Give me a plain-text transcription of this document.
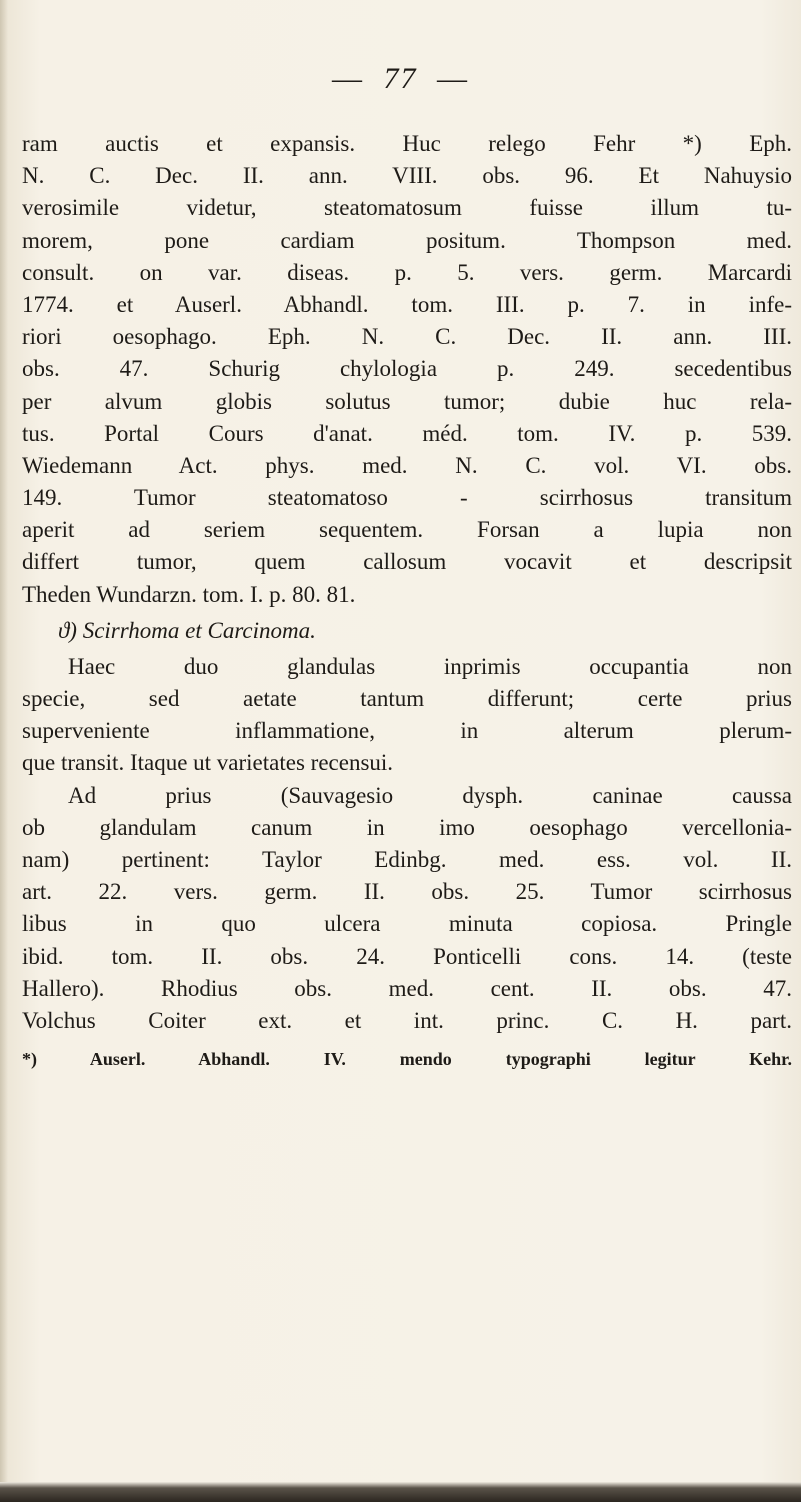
— 77 —
ram auctis et expansis. Huc relego Fehr *) Eph.
N. C. Dec. II. ann. VIII. obs. 96. Et Nahuysio
verosimile videtur, steatomatosum fuisse illum tu-
morem, pone cardiam positum. Thompson med.
consult. on var. diseas. p. 5. vers. germ. Marcardi
1774. et Auserl. Abhandl. tom. III. p. 7. in infe-
riori oesophago. Eph. N. C. Dec. II. ann. III.
obs. 47. Schurig chylologia p. 249. secedentibus
per alvum globis solutus tumor; dubie huc rela-
tus. Portal Cours d'anat. méd. tom. IV. p. 539.
Wiedemann Act. phys. med. N. C. vol. VI. obs.
149. Tumor steatomatoso - scirrhosus transitum
aperit ad seriem sequentem. Forsan a lupia non
differt tumor, quem callosum vocavit et descripsit
Theden Wundarzn. tom. I. p. 80. 81.
ϑ) Scirrhoma et Carcinoma.
Haec duo glandulas inprimis occupantia non
specie, sed aetate tantum differunt; certe prius
superveniente inflammatione, in alterum plerum-
que transit. Itaque ut varietates recensui.
Ad prius (Sauvagesio dysph. caninae caussa
ob glandulam canum in imo oesophago vercellonia-
nam) pertinent: Taylor Edinbg. med. ess. vol. II.
art. 22. vers. germ. II. obs. 25. Tumor scirrhosus
libus in quo ulcera minuta copiosa. Pringle
ibid. tom. II. obs. 24. Ponticelli cons. 14. (teste
Hallero). Rhodius obs. med. cent. II. obs. 47.
Volchus Coiter ext. et int. princ. C. H. part.
*) Auserl. Abhandl. IV. mendo typographi legitur Kehr.
